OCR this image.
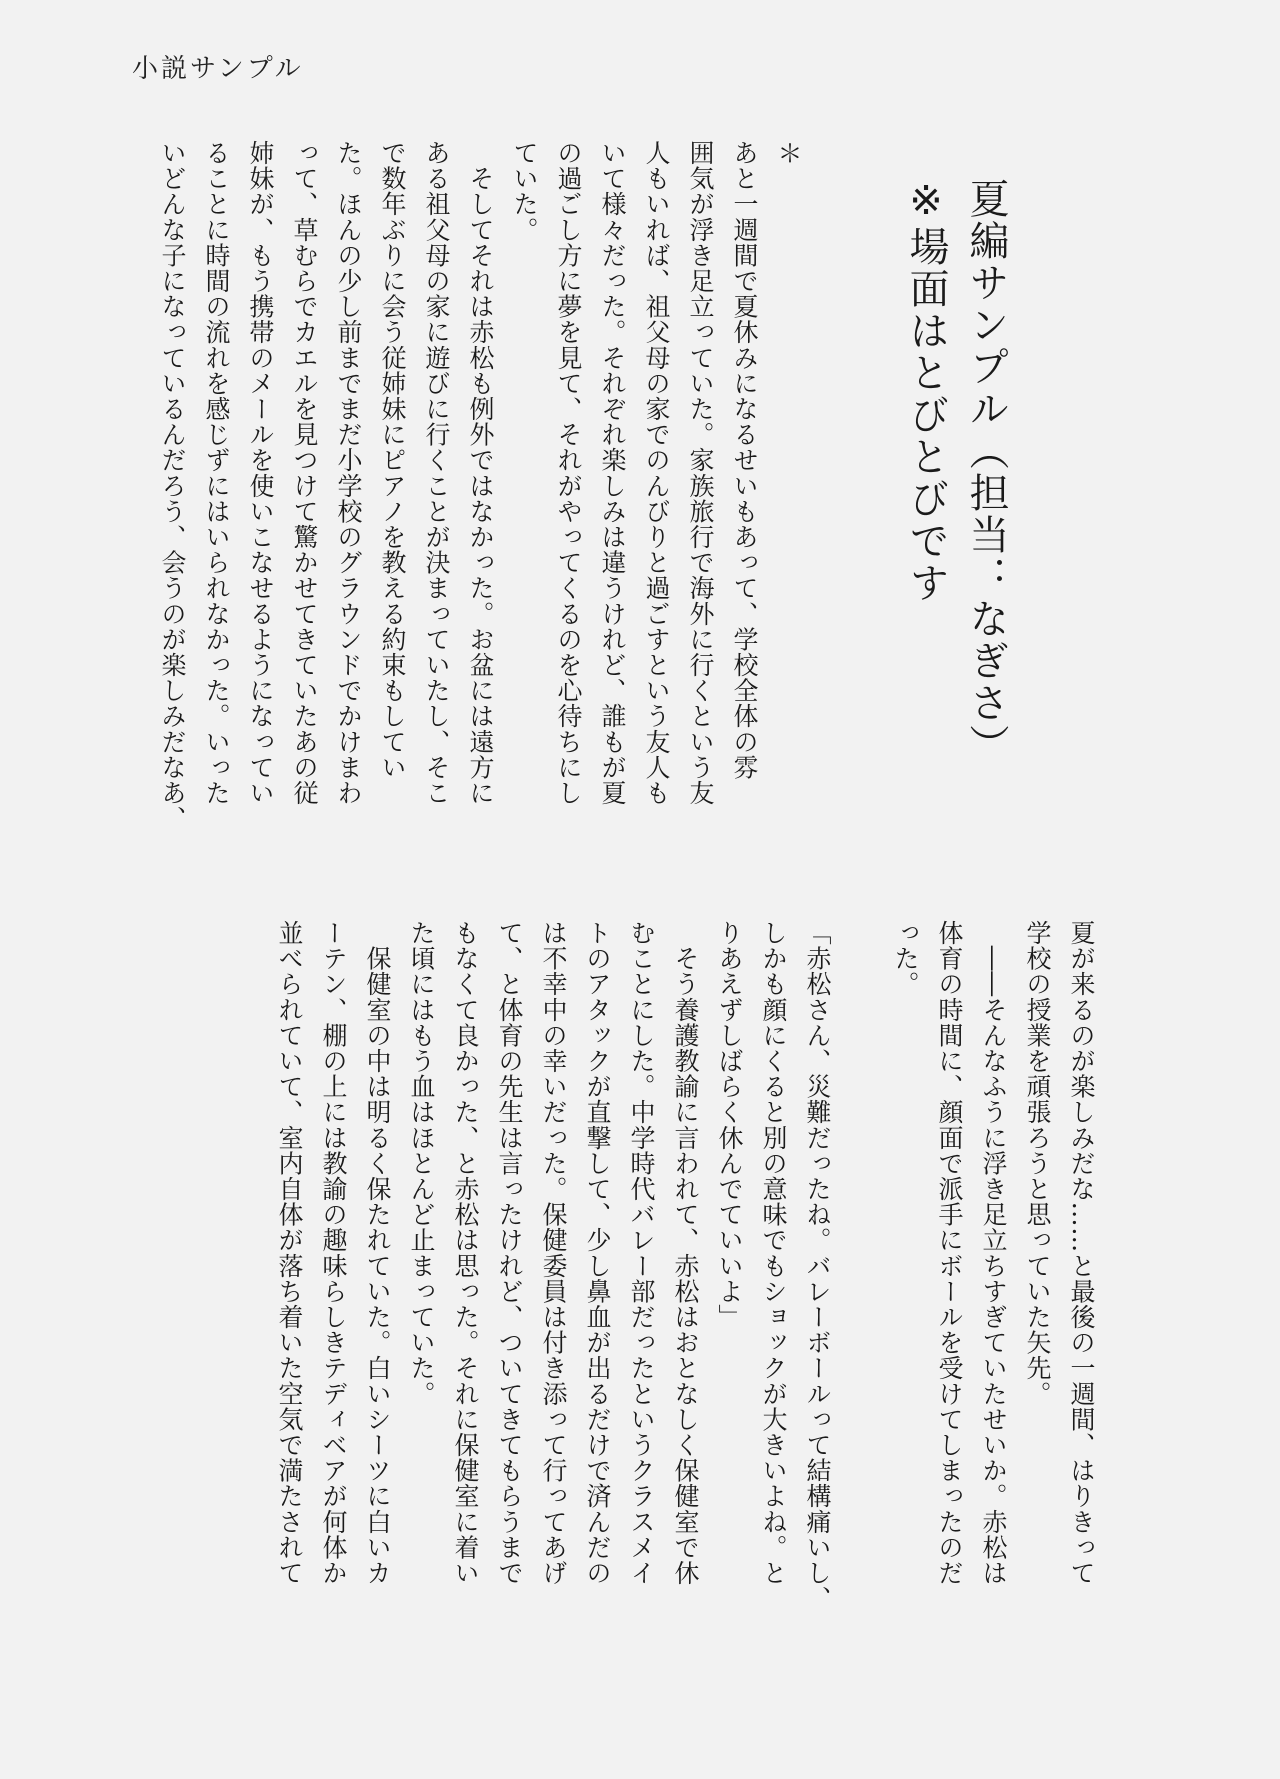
小説サンプル
夏編サンプル（担当：なぎさ）
※場面はとびとびです
＊
あと一週間で夏休みになるせいもあって、学校全体の雰
囲気が浮き足立っていた。家族旅行で海外に行くという友
人もいれば、祖父母の家でのんびりと過ごすという友人も
いて様々だった。それぞれ楽しみは違うけれど、誰もが夏
の過ごし方に夢を見て、それがやってくるのを心待ちにし
ていた。
　そしてそれは赤松も例外ではなかった。お盆には遠方に
ある祖父母の家に遊びに行くことが決まっていたし、そこ
で数年ぶりに会う従姉妹にピアノを教える約束もしてい
た。ほんの少し前までまだ小学校のグラウンドでかけまわ
って、草むらでカエルを見つけて驚かせてきていたあの従
姉妹が、もう携帯のメールを使いこなせるようになってい
ることに時間の流れを感じずにはいられなかった。いった
いどんな子になっているんだろう、会うのが楽しみだなあ、
夏が来るのが楽しみだな……と最後の一週間、はりきって
学校の授業を頑張ろうと思っていた矢先。
　――そんなふうに浮き足立ちすぎていたせいか。赤松は
体育の時間に、顔面で派手にボールを受けてしまったのだ
った。

「赤松さん、災難だったね。バレーボールって結構痛いし、
しかも顔にくると別の意味でもショックが大きいよね。と
りあえずしばらく休んでていいよ」
　そう養護教諭に言われて、赤松はおとなしく保健室で休
むことにした。中学時代バレー部だったというクラスメイ
トのアタックが直撃して、少し鼻血が出るだけで済んだの
は不幸中の幸いだった。保健委員は付き添って行ってあげ
て、と体育の先生は言ったけれど、ついてきてもらうまで
もなくて良かった、と赤松は思った。それに保健室に着い
た頃にはもう血はほとんど止まっていた。
　保健室の中は明るく保たれていた。白いシーツに白いカ
ーテン、棚の上には教諭の趣味らしきテディベアが何体か
並べられていて、室内自体が落ち着いた空気で満たされて
